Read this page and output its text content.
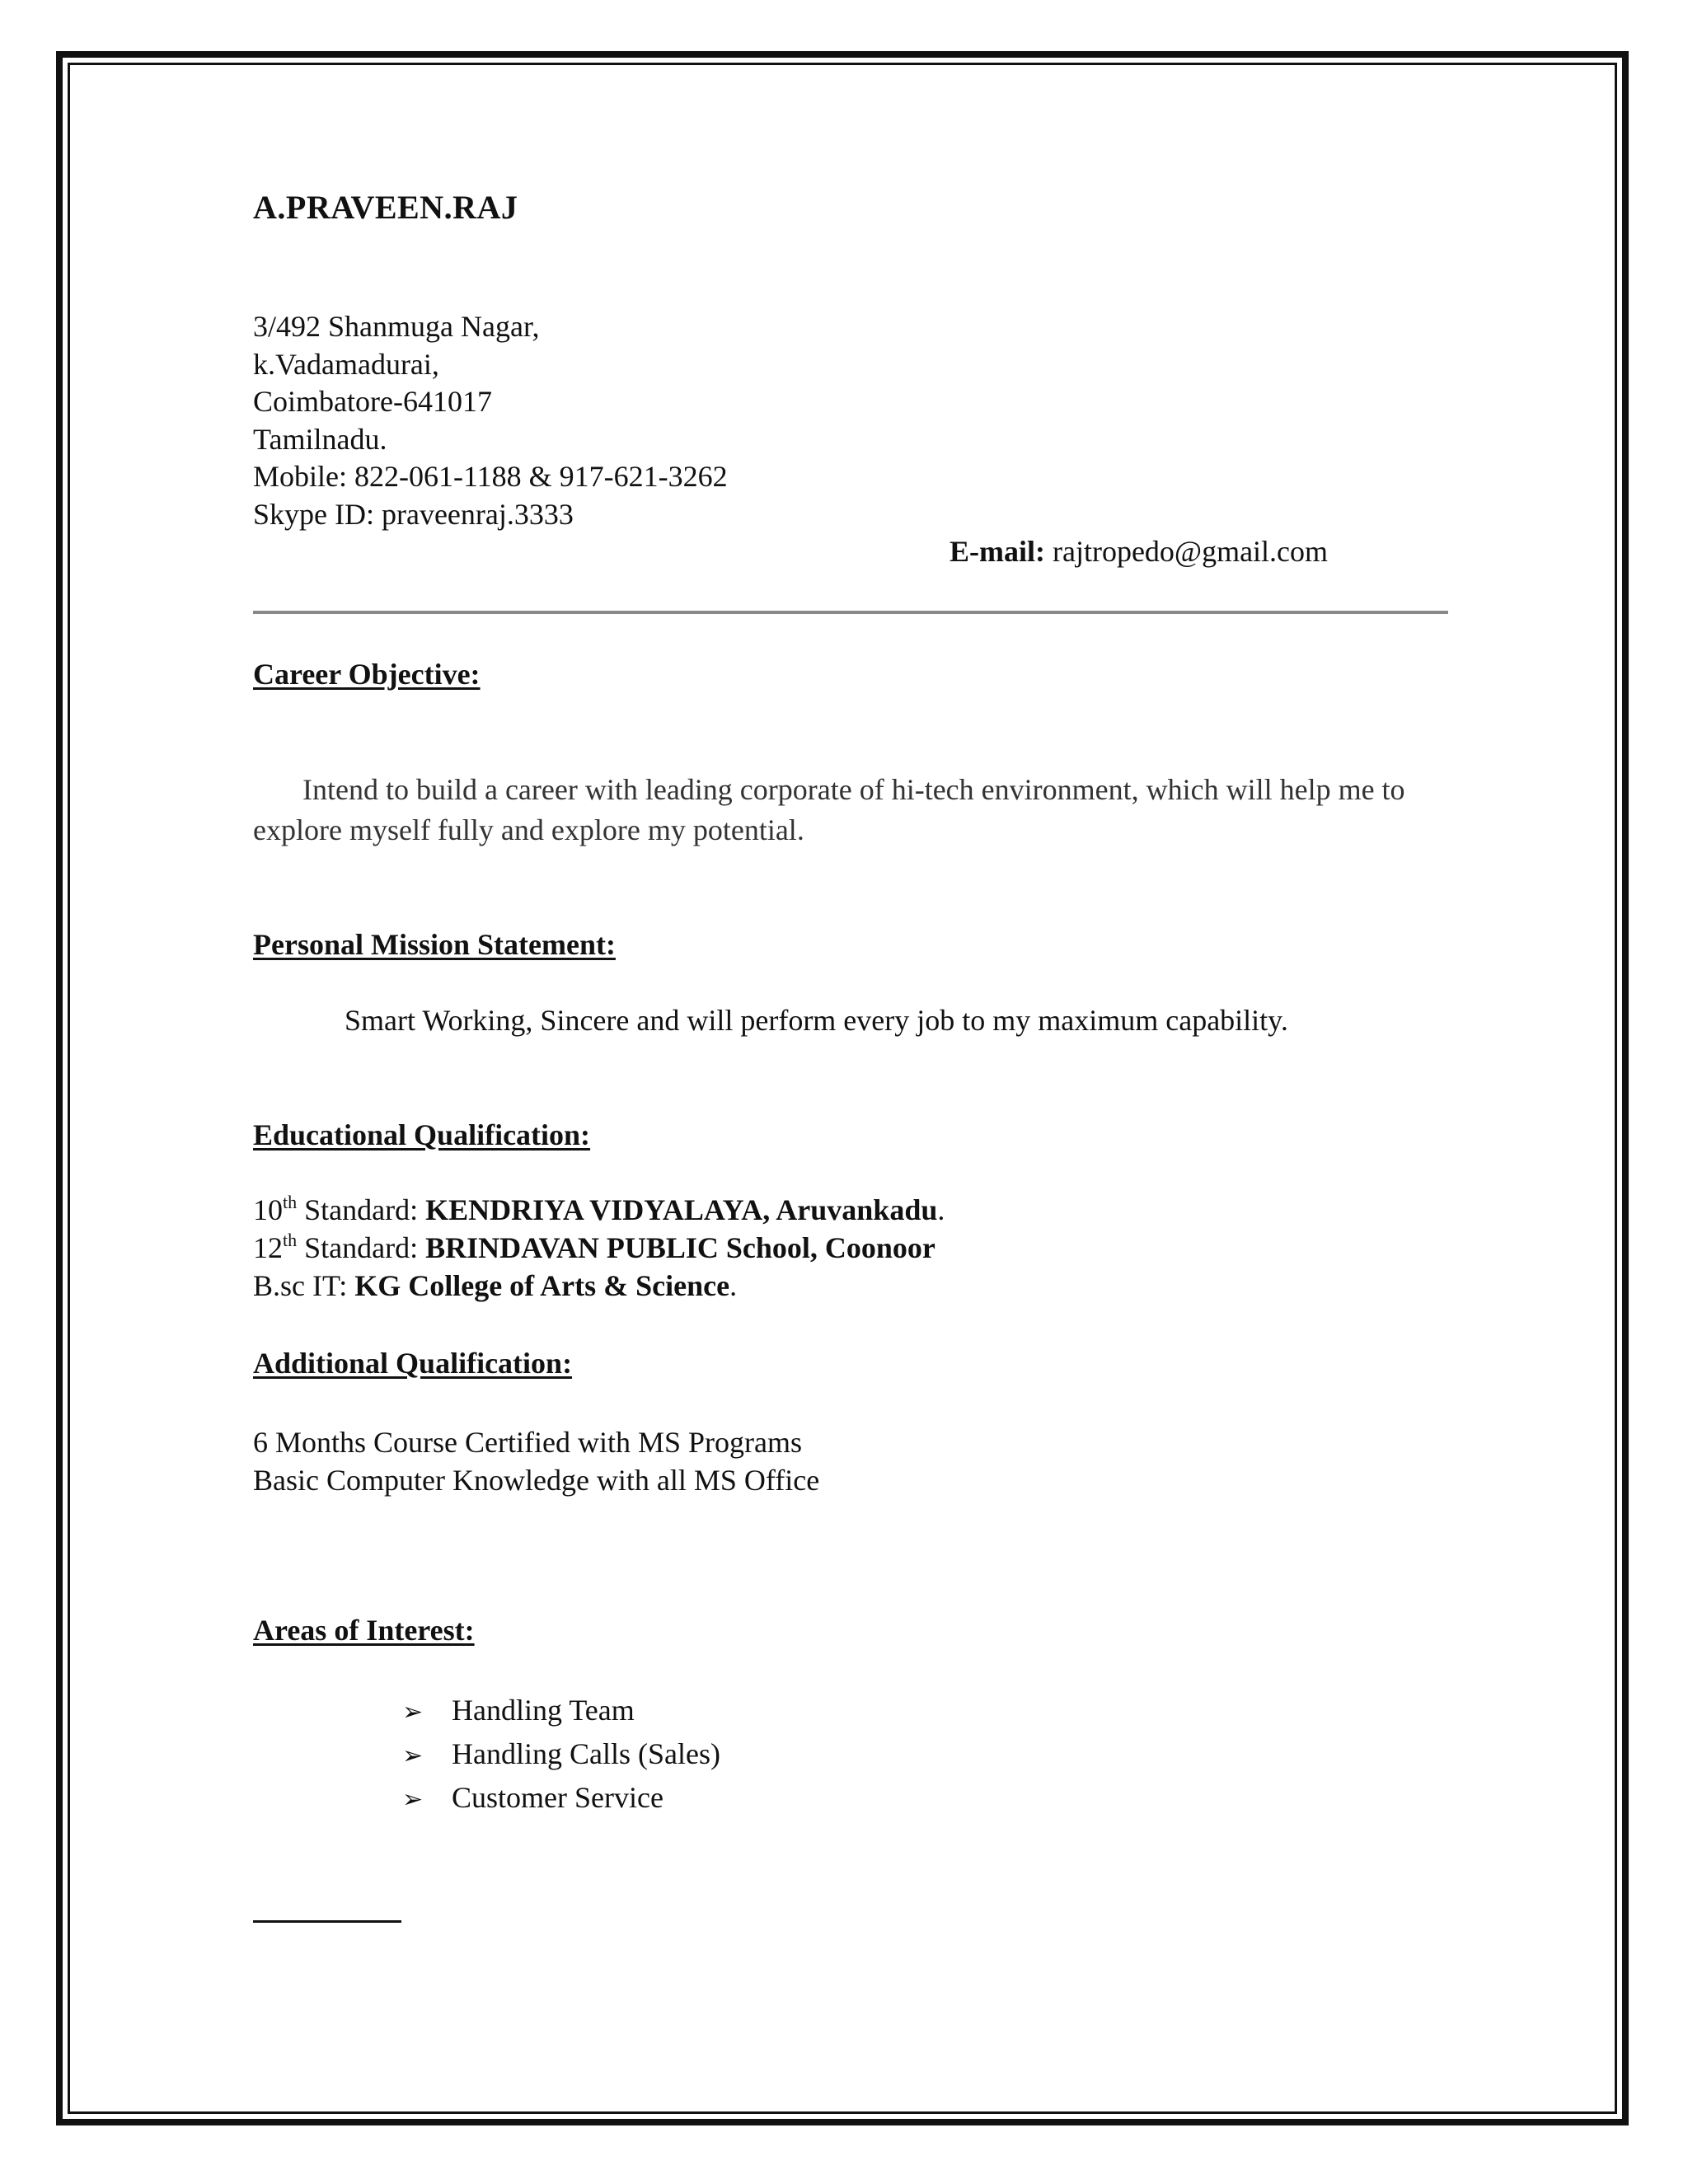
A.PRAVEEN.RAJ
3/492 Shanmuga Nagar,
k.Vadamadurai,
Coimbatore-641017
Tamilnadu.
Mobile: 822-061-1188 & 917-621-3262
Skype ID: praveenraj.3333
E-mail: rajtropedo@gmail.com
Career Objective:
Intend to build a career with leading corporate of hi-tech environment, which will help me to explore myself fully and explore my potential.
Personal Mission Statement:
Smart Working, Sincere and will perform every job to my maximum capability.
Educational Qualification:
10th Standard: KENDRIYA VIDYALAYA, Aruvankadu.
12th Standard: BRINDAVAN PUBLIC School, Coonoor
B.sc IT: KG College of Arts & Science.
Additional Qualification:
6 Months Course Certified with MS Programs
Basic Computer Knowledge with all MS Office
Areas of Interest:
➢ Handling Team
➢ Handling Calls (Sales)
➢ Customer Service
